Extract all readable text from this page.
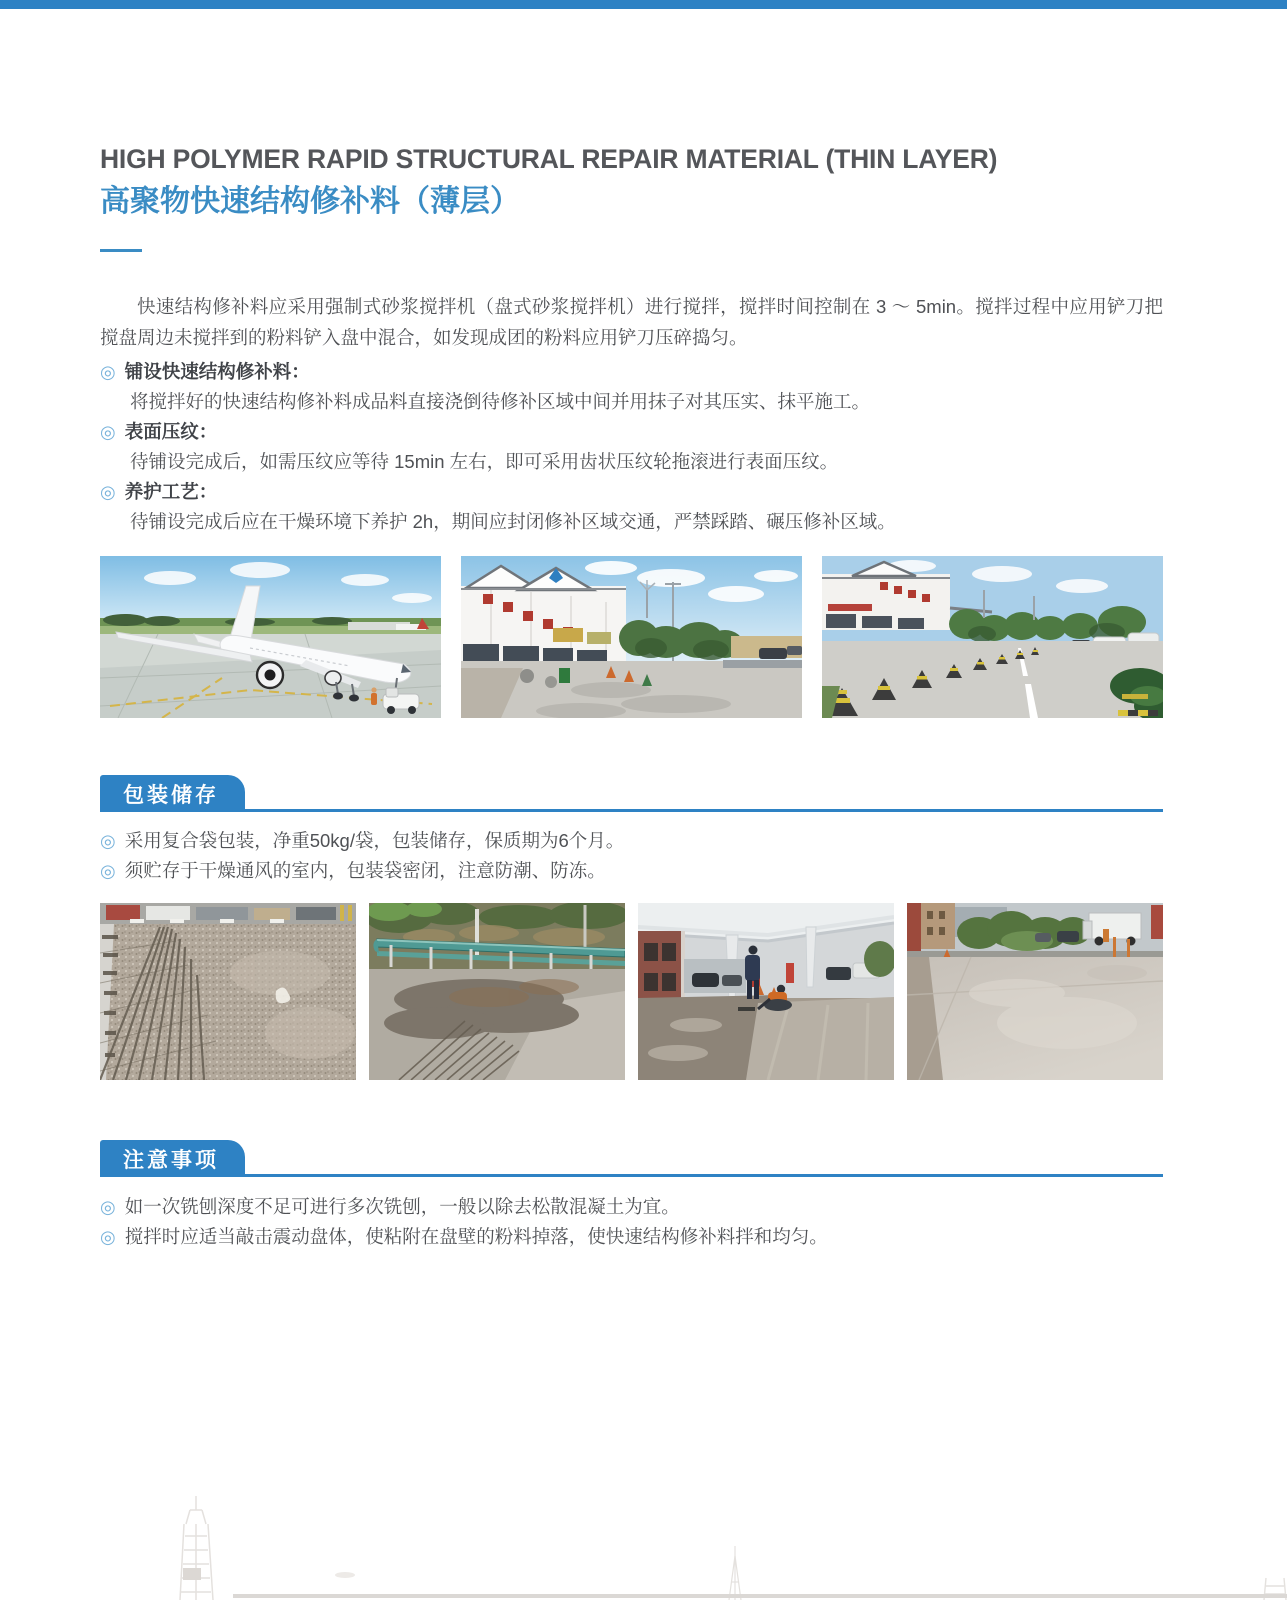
HIGH POLYMER RAPID STRUCTURAL REPAIR MATERIAL (THIN LAYER)
高聚物快速结构修补料（薄层）

快速结构修补料应采用强制式砂浆搅拌机（盘式砂浆搅拌机）进行搅拌，搅拌时间控制在 3 ～ 5min。搅拌过程中应用铲刀把搅盘周边未搅拌到的粉料铲入盘中混合，如发现成团的粉料应用铲刀压碎捣匀。

◎ 铺设快速结构修补料：
将搅拌好的快速结构修补料成品料直接浇倒待修补区域中间并用抹子对其压实、抹平施工。
◎ 表面压纹：
待铺设完成后，如需压纹应等待 15min 左右，即可采用齿状压纹轮拖滚进行表面压纹。
◎ 养护工艺：
待铺设完成后应在干燥环境下养护 2h，期间应封闭修补区域交通，严禁踩踏、碾压修补区域。
包装储存
◎ 采用复合袋包装，净重50kg/袋，包装储存，保质期为6个月。
◎ 须贮存于干燥通风的室内，包装袋密闭，注意防潮、防冻。
注意事项
◎ 如一次铣刨深度不足可进行多次铣刨，一般以除去松散混凝土为宜。
◎ 搅拌时应适当敲击震动盘体，使粘附在盘壁的粉料掉落，使快速结构修补料拌和均匀。
